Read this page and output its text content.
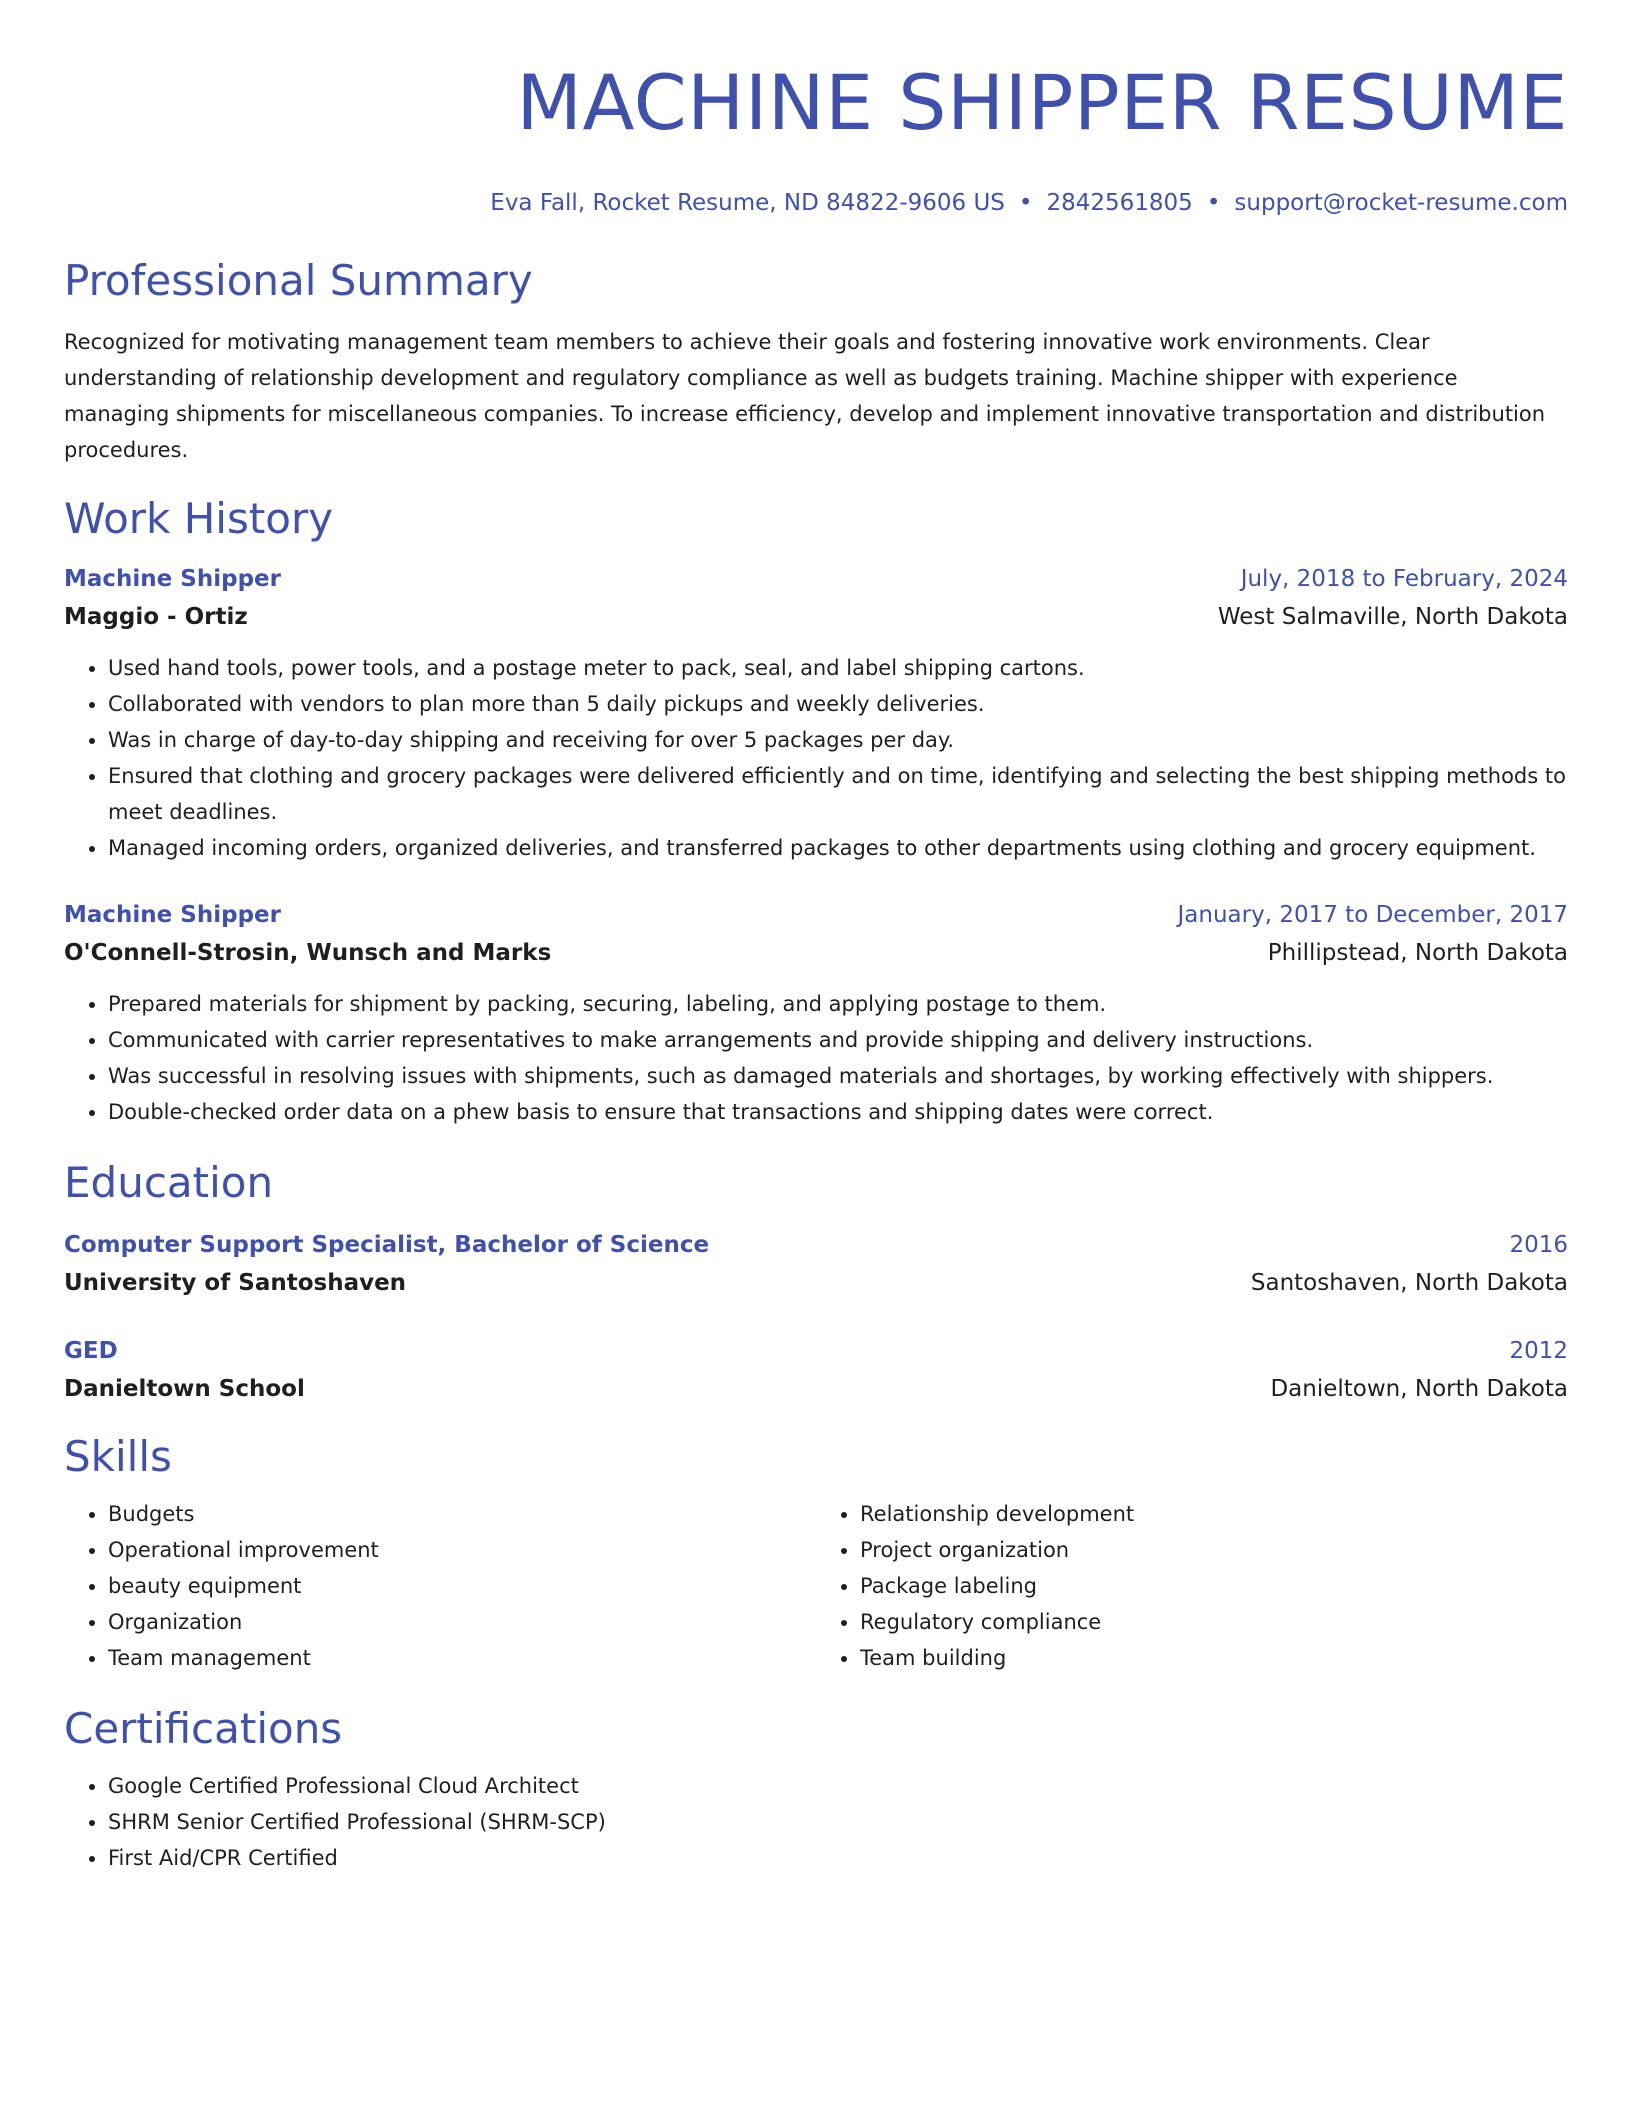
MACHINE SHIPPER RESUME
Eva Fall, Rocket Resume, ND 84822-9606 US • 2842561805 • support@rocket-resume.com
Professional Summary

Recognized for motivating management team members to achieve their goals and fostering innovative work environments. Clear understanding of relationship development and regulatory compliance as well as budgets training. Machine shipper with experience managing shipments for miscellaneous companies. To increase efficiency, develop and implement innovative transportation and distribution procedures.

Work History
Machine Shipper	July, 2018 to February, 2024
Maggio - Ortiz	West Salmaville, North Dakota
• Used hand tools, power tools, and a postage meter to pack, seal, and label shipping cartons.
• Collaborated with vendors to plan more than 5 daily pickups and weekly deliveries.
• Was in charge of day-to-day shipping and receiving for over 5 packages per day.
• Ensured that clothing and grocery packages were delivered efficiently and on time, identifying and selecting the best shipping methods to meet deadlines.
• Managed incoming orders, organized deliveries, and transferred packages to other departments using clothing and grocery equipment.
Machine Shipper	January, 2017 to December, 2017
O'Connell-Strosin, Wunsch and Marks	Phillipstead, North Dakota
• Prepared materials for shipment by packing, securing, labeling, and applying postage to them.
• Communicated with carrier representatives to make arrangements and provide shipping and delivery instructions.
• Was successful in resolving issues with shipments, such as damaged materials and shortages, by working effectively with shippers.
• Double-checked order data on a phew basis to ensure that transactions and shipping dates were correct.
Education
Computer Support Specialist, Bachelor of Science	2016
University of Santoshaven	Santoshaven, North Dakota
GED	2012
Danieltown School	Danieltown, North Dakota
Skills
• Budgets
• Operational improvement
• beauty equipment
• Organization
• Team management
• Relationship development
• Project organization
• Package labeling
• Regulatory compliance
• Team building
Certifications
• Google Certified Professional Cloud Architect
• SHRM Senior Certified Professional (SHRM-SCP)
• First Aid/CPR Certified
